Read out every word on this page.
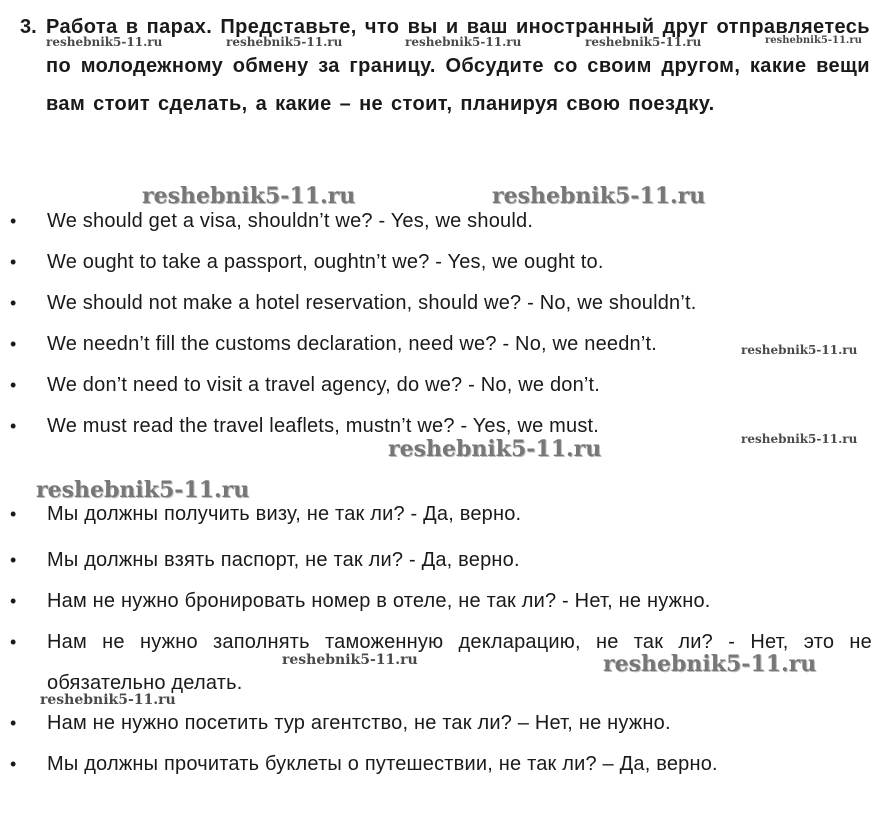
3. Работа в парах. Представьте, что вы и ваш иностранный друг отправляетесь по молодежному обмену за границу. Обсудите со своим другом, какие вещи вам стоит сделать, а какие – не стоит, планируя свою поездку.
• We should get a visa, shouldn’t we? - Yes, we should.
• We ought to take a passport, oughtn’t we? - Yes, we ought to.
• We should not make a hotel reservation, should we? - No, we shouldn’t.
• We needn’t fill the customs declaration, need we? - No, we needn’t.
• We don’t need to visit a travel agency, do we? - No, we don’t.
• We must read the travel leaflets, mustn’t we? - Yes, we must.
• Мы должны получить визу, не так ли? - Да, верно.
• Мы должны взять паспорт, не так ли? - Да, верно.
• Нам не нужно бронировать номер в отеле, не так ли? - Нет, не нужно.
• Нам не нужно заполнять таможенную декларацию, не так ли? - Нет, это не обязательно делать.
• Нам не нужно посетить тур агентство, не так ли? – Нет, не нужно.
• Мы должны прочитать буклеты о путешествии, не так ли? – Да, верно.
reshebnik5-11.ru	reshebnik5-11.ru	reshebnik5-11.ru	reshebnik5-11.ru	reshebnik5-11.ru
reshebnik5-11.ru	reshebnik5-11.ru
reshebnik5-11.ru
reshebnik5-11.ru
reshebnik5-11.ru
reshebnik5-11.ru
reshebnik5-11.ru	reshebnik5-11.ru
reshebnik5-11.ru
